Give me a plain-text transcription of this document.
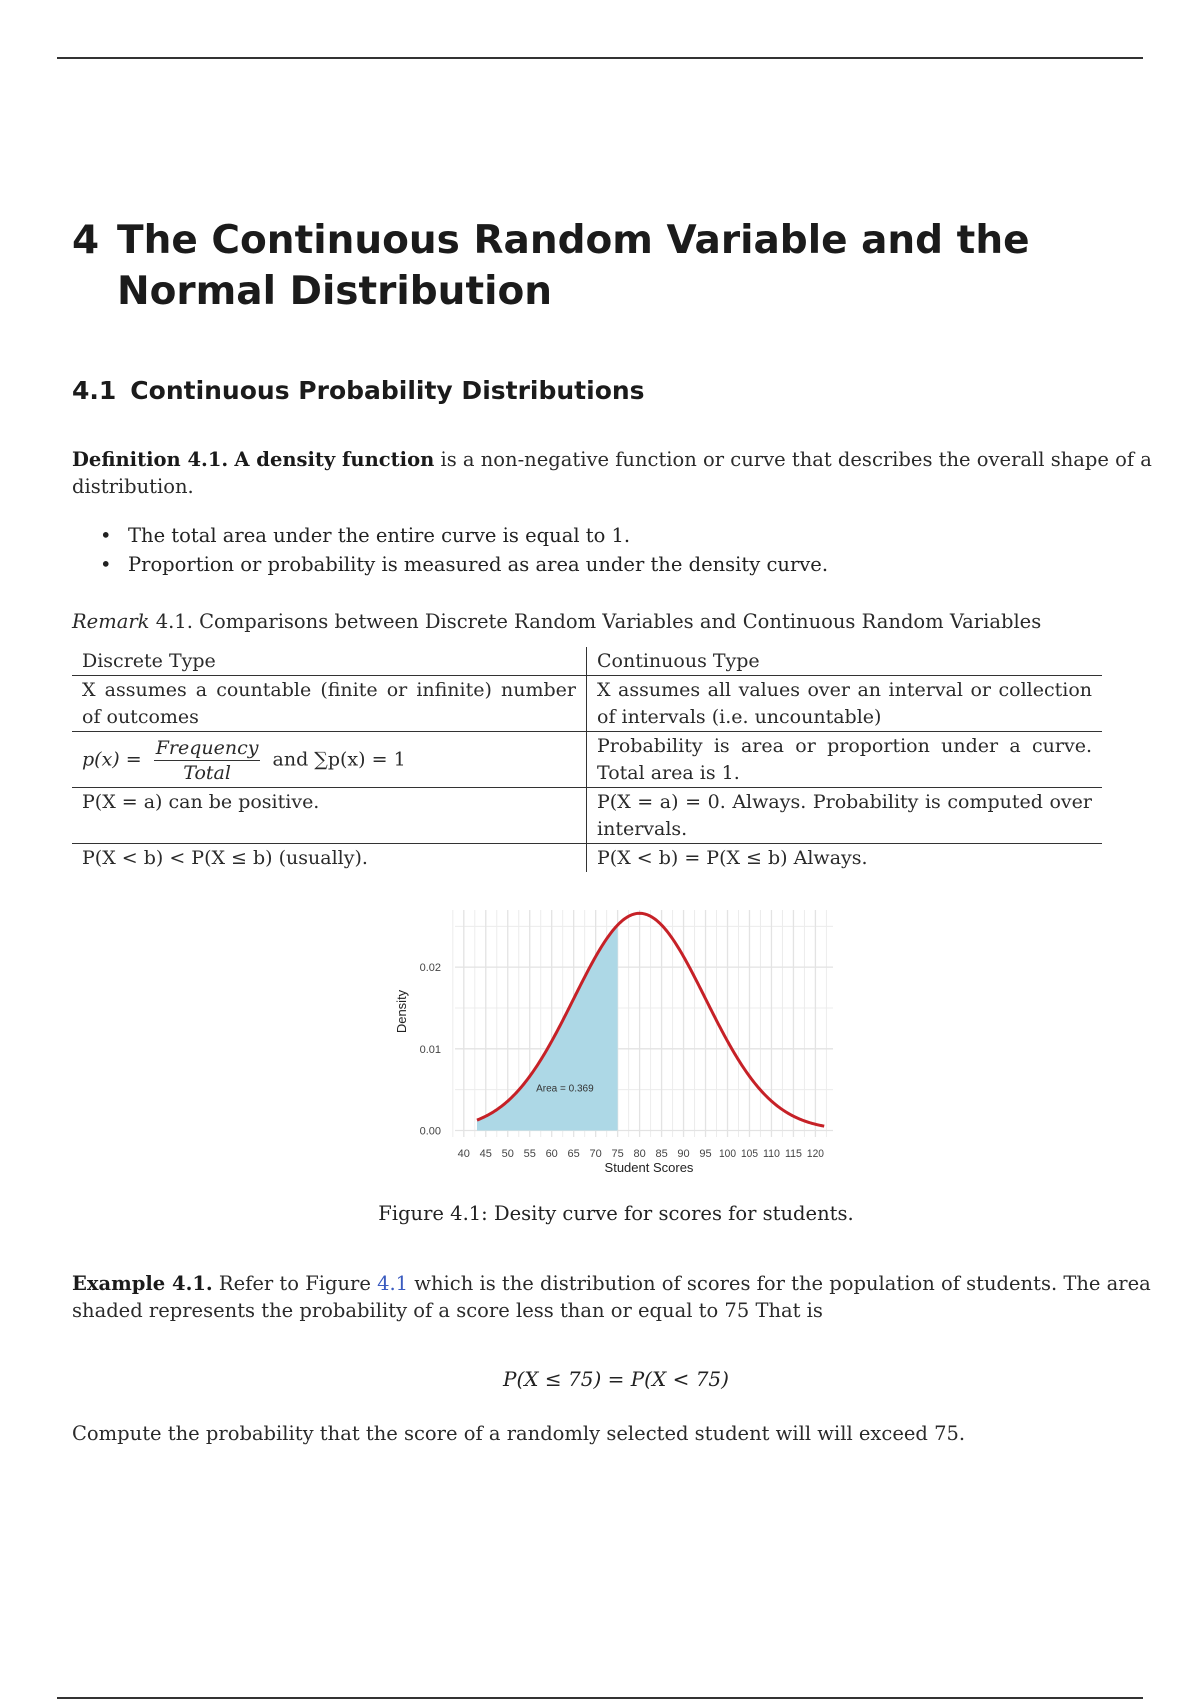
4 The Continuous Random Variable and the Normal Distribution
4.1 Continuous Probability Distributions
Definition 4.1. A density function is a non-negative function or curve that describes the overall shape of a distribution.
• The total area under the entire curve is equal to 1.
• Proportion or probability is measured as area under the density curve.
Remark 4.1. Comparisons between Discrete Random Variables and Continuous Random Variables
Discrete Type	Continuous Type
X assumes a countable (finite or infinite) number of outcomes	X assumes all values over an interval or collection of intervals (i.e. uncountable)
$p(x) = \frac{\text{Frequency}}{\text{Total}}$ and ∑p(x) = 1	Probability is area or proportion under a curve. Total area is 1.
P(X = a) can be positive.	P(X = a) = 0. Always. Probability is computed over intervals.
P(X < b) < P(X ≤ b) (usually).	P(X < b) = P(X ≤ b) Always.
Area = 0.369
0.00
0.01
0.02
40 45 50 55 60 65 70 75 80 85 90 95 100 105 110 115 120
Student Scores
Density
Figure 4.1: Desity curve for scores for students.
Example 4.1. Refer to Figure 4.1 which is the distribution of scores for the population of students. The area shaded represents the probability of a score less than or equal to 75 That is
P(X ≤ 75) = P(X < 75)
Compute the probability that the score of a randomly selected student will will exceed 75.
